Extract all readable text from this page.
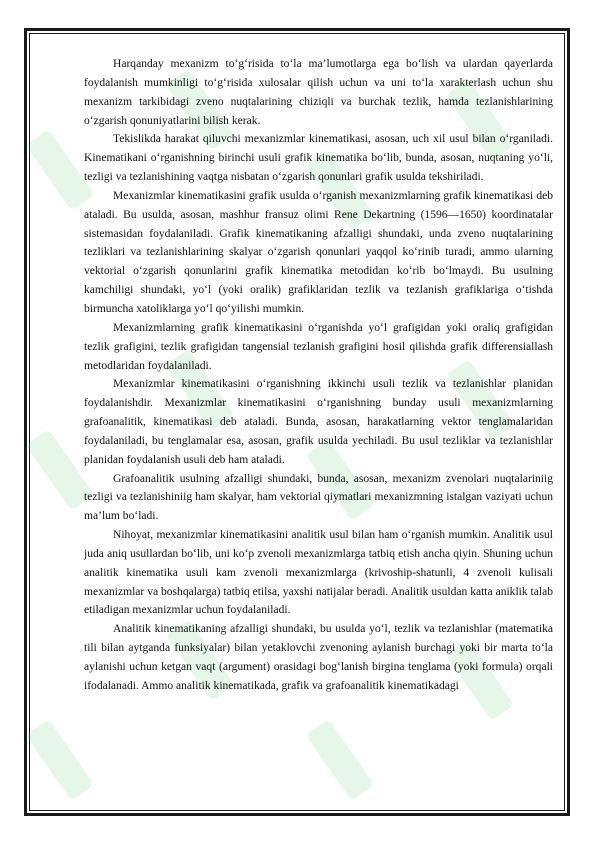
Harqanday mexanizm to‘g‘risida to‘la ma’lumotlarga ega bo‘lish va ulardan qayerlarda foydalanish mumkinligi to‘g‘risida xulosalar qilish uchun va uni to‘la xarakterlash uchun shu mexanizm tarkibidagi zveno nuqtalarining chiziqli va burchak tezlik, hamda tezlanishlarining o‘zgarish qonuniyatlarini bilish kerak.

Tekislikda harakat qiluvchi mexanizmlar kinematikasi, asosan, uch xil usul bilan o‘rganiladi. Kinematikani o‘rganishning birinchi usuli grafik kinematika bo‘lib, bunda, asosan, nuqtaning yo‘li, tezligi va tezlanishining vaqtga nisbatan o‘zgarish qonunlari grafik usulda tekshiriladi.

Mexanizmlar kinematikasini grafik usulda o‘rganish mexanizmlarning grafik kinematikasi deb ataladi. Bu usulda, asosan, mashhur fransuz olimi Rene Dekartning (1596—1650) koordinatalar sistemasidan foydalaniladi. Grafik kinematikaning afzalligi shundaki, unda zveno nuqtalarining tezliklari va tezlanishlarining skalyar o‘zgarish qonunlari yaqqol ko‘rinib turadi, ammo ularning vektorial o‘zgarish qonunlarini grafik kinematika metodidan ko‘rib bo‘lmaydi. Bu usulning kamchiligi shundaki, yo‘l (yoki oralik) grafiklaridan tezlik va tezlanish grafiklariga o‘tishda birmuncha xatoliklarga yo‘l qo‘yilishi mumkin.

Mexanizmlarning grafik kinematikasini o‘rganishda yo‘l grafigidan yoki oraliq grafigidan tezlik grafigini, tezlik grafigidan tangensial tezlanish grafigini hosil qilishda grafik differensiallash metodlaridan foydalaniladi.

Mexanizmlar kinematikasini o‘rganishning ikkinchi usuli tezlik va tezlanishlar planidan foydalanishdir. Mexanizmlar kinematikasini o‘rganishning bunday usuli mexanizmlarning grafoanalitik, kinematikasi deb ataladi. Bunda, asosan, harakatlarning vektor tenglamalaridan foydalaniladi, bu tenglamalar esa, asosan, grafik usulda yechiladi. Bu usul tezliklar va tezlanishlar planidan foydalanish usuli deb ham ataladi.

Grafoanalitik usulning afzalligi shundaki, bunda, asosan, mexanizm zvenolari nuqtalariniig tezligi va tezlanishiniig ham skalyar, ham vektorial qiymatlari mexanizmning istalgan vaziyati uchun ma’lum bo‘ladi.

Nihoyat, mexanizmlar kinematikasini analitik usul bilan ham o‘rganish mumkin. Analitik usul juda aniq usullardan bo‘lib, uni ko‘p zvenoli mexanizmlarga tatbiq etish ancha qiyin. Shuning uchun analitik kinematika usuli kam zvenoli mexanizmlarga (krivoship-shatunli, 4 zvenoli kulisali mexanizmlar va boshqalarga) tatbiq etilsa, yaxshi natijalar beradi. Analitik usuldan katta aniklik talab etiladigan mexanizmlar uchun foydalaniladi.

Analitik kinematikaning afzalligi shundaki, bu usulda yo‘l, tezlik va tezlanishlar (matematika tili bilan aytganda funksiyalar) bilan yetaklovchi zvenoning aylanish burchagi yoki bir marta to‘la aylanishi uchun ketgan vaqt (argument) orasidagi bog‘lanish birgina tenglama (yoki formula) orqali ifodalanadi. Ammo analitik kinematikada, grafik va grafoanalitik kinematikadagi
